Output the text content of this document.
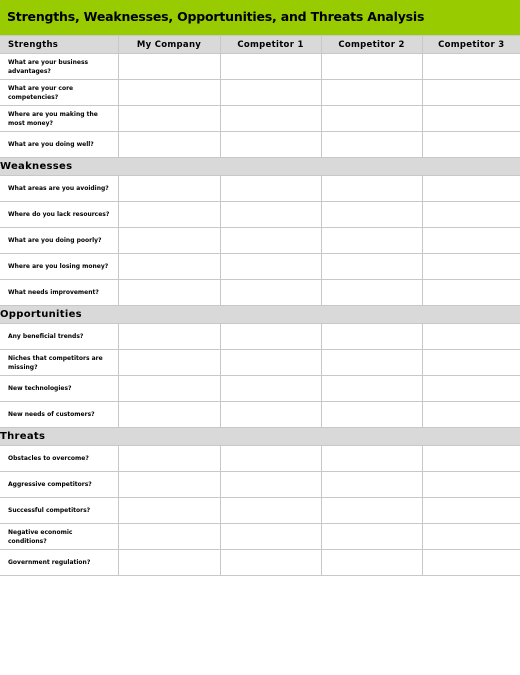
Strengths, Weaknesses, Opportunities, and Threats Analysis
Strengths	My Company	Competitor 1	Competitor 2	Competitor 3
What are your business advantages?				
What are your core competencies?				
Where are you making the most money?				
What are you doing well?				
Weaknesses				
What areas are you avoiding?				
Where do you lack resources?				
What are you doing poorly?				
Where are you losing money?				
What needs improvement?				
Opportunities				
Any beneficial trends?				
Niches that competitors are missing?				
New technologies?				
New needs of customers?				
Threats				
Obstacles to overcome?				
Aggressive competitors?				
Successful competitors?				
Negative economic conditions?				
Government regulation?				
